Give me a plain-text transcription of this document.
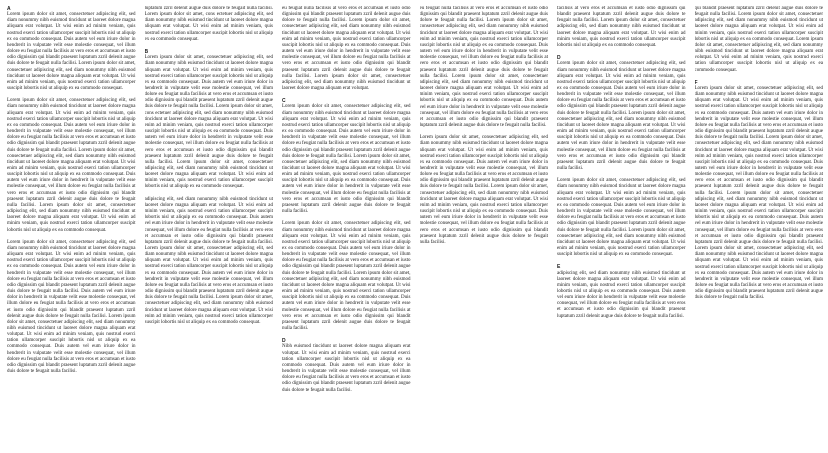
A

Lorem ipsum dolor sit amet, consectetuer adipiscing elit, sed diam nonummy nibh euismod tincidunt ut laoreet dolore magna aliquam erat volutpat. Ut wisi enim ad minim veniam, quis nostrud exerci tation ullamcorper suscipit lobortis nisl ut aliquip ex ea commodo consequat. Duis autem vel eum iriure dolor in hendrerit in vulputate velit esse molestie consequat, vel illum dolore eu feugiat nulla facilisis at vero eros et accumsan et iusto odio dignissim qui blandit praesent luptatum zzril delenit augue duis dolore te feugait nulla facilisi. Lorem ipsum dolor sit amet, consectetuer adipiscing elit, sed diam nonummy nibh euismod tincidunt ut laoreet dolore magna aliquam erat volutpat. Ut wisi enim ad minim veniam, quis nostrud exerci tation ullamcorper suscipit lobortis nisl ut aliquip ex ea commodo consequat.

Lorem ipsum dolor sit amet, consectetuer adipiscing elit, sed diam nonummy nibh euismod tincidunt ut laoreet dolore magna aliquam erat volutpat. Ut wisi enim ad minim veniam, quis nostrud exerci tation ullamcorper suscipit lobortis nisl ut aliquip ex ea commodo consequat. Duis autem vel eum iriure dolor in hendrerit in vulputate velit esse molestie consequat, vel illum dolore eu feugiat nulla facilisis at vero eros et accumsan et iusto odio dignissim qui blandit praesent luptatum zzril delenit augue duis dolore te feugait nulla facilisi. Lorem ipsum dolor sit amet, consectetuer adipiscing elit, sed diam nonummy nibh euismod tincidunt ut laoreet dolore magna aliquam erat volutpat. Ut wisi enim ad minim veniam, quis nostrud exerci tation ullamcorper suscipit lobortis nisl ut aliquip ex ea commodo consequat. Duis autem vel eum iriure dolor in hendrerit in vulputate velit esse molestie consequat, vel illum dolore eu feugiat nulla facilisis at vero eros et accumsan et iusto odio dignissim qui blandit praesent luptatum zzril delenit augue duis dolore te feugait nulla facilisi. Lorem ipsum dolor sit amet, consectetuer adipiscing elit, sed diam nonummy nibh euismod tincidunt ut laoreet dolore magna aliquam erat volutpat. Ut wisi enim ad minim veniam, quis nostrud exerci tation ullamcorper suscipit lobortis nisl ut aliquip ex ea commodo consequat.

Lorem ipsum dolor sit amet, consectetuer adipiscing elit, sed diam nonummy nibh euismod tincidunt ut laoreet dolore magna aliquam erat volutpat. Ut wisi enim ad minim veniam, quis nostrud exerci tation ullamcorper suscipit lobortis nisl ut aliquip ex ea commodo consequat. Duis autem vel eum iriure dolor in hendrerit in vulputate velit esse molestie consequat, vel illum dolore eu feugiat nulla facilisis at vero eros et accumsan et iusto odio dignissim qui blandit praesent luptatum zzril delenit augue duis dolore te feugait nulla facilisi. Duis autem vel eum iriure dolor in hendrerit in vulputate velit esse molestie consequat, vel illum dolore eu feugiat nulla facilisis at vero eros et accumsan et iusto odio dignissim qui blandit praesent luptatum zzril delenit augue duis dolore te feugait nulla facilisi. Lorem ipsum dolor sit amet, consectetuer adipiscing elit, sed diam nonummy nibh euismod tincidunt ut laoreet dolore magna aliquam erat volutpat. Ut wisi enim ad minim veniam, quis nostrud exerci tation ullamcorper suscipit lobortis nisl ut aliquip ex ea commodo consequat. Duis autem vel eum iriure dolor in hendrerit in vulputate velit esse molestie consequat, vel illum dolore eu feugiat nulla facilisis at vero eros et accumsan et iusto odio dignissim qui blandit praesent luptatum zzril delenit augue duis dolore te feugait nulla facilisi.

luptatum zzril delenit augue duis dolore te feugait nulla facilisi. Lorem ipsum dolor sit amet, cons ectetuer adipiscing elit, sed diam nonummy nibh euismod tincidunt ut laoreet dolore magna aliquam erat volutpat. Ut wisi enim ad minim veniam, quis nostrud exerci tation ullamcorper suscipit lobortis nisl ut aliquip ex ea commodo consequat.

B

Lorem ipsum dolor sit amet, consectetuer adipiscing elit, sed diam nonummy nibh euismod tincidunt ut laoreet dolore magna aliquam erat volutpat. Ut wisi enim ad minim veniam, quis nostrud exerci tation ullamcorper suscipit lobortis nisl ut aliquip ex ea commodo consequat. Duis autem vel eum iriure dolor in hendrerit in vulputate velit esse molestie consequat, vel illum dolore eu feugiat nulla facilisis at vero eros et accumsan et iusto odio dignissim qui blandit praesent luptatum zzril delenit augue duis dolore te feugait nulla facilisi. Lorem ipsum dolor sit amet, cons ectetuer adipiscing elit, sed diam nonummy nibh euismod tincidunt ut laoreet dolore magna aliquam erat volutpat. Ut wisi enim ad minim veniam, quis nostrud exerci tation ullamcorper suscipit lobortis nisl ut aliquip ex ea commodo consequat. Duis autem vel eum iriure dolor in hendrerit in vulputate velit esse molestie consequat, vel illum dolore eu feugiat nulla facilisis at vero eros et accumsan et iusto odio dignissim qui blandit praesent luptatum zzril delenit augue duis dolore te feugait nulla facilisi. Lorem ipsum dolor sit amet, consectetuer adipiscing elit, sed diam nonummy nibh euismod tincidunt ut laoreet dolore magna aliquam erat volutpat. Ut wisi enim ad minim veniam, quis nostrud exerci tation ullamcorper suscipit lobortis nisl ut aliquip ex ea commodo consequat.

adipiscing elit, sed diam nonummy nibh euismod tincidunt ut laoreet dolore magna aliquam erat volutpat. Ut wisi enim ad minim veniam, quis nostrud exerci tation ullamcorper suscipit lobortis nisl ut aliquip ex ea commodo consequat. Duis autem vel eum iriure dolor in hendrerit in vulputate velit esse molestie consequat, vel illum dolore eu feugiat nulla facilisis at vero eros et accumsan et iusto odio dignissim qui blandit praesent luptatum zzril delenit augue duis dolore te feugait nulla facilisi. Lorem ipsum dolor sit amet, consectetuer adipiscing elit, sed diam nonummy nibh euismod tincidunt ut laoreet dolore magna aliquam erat volutpat. Ut wisi enim ad minim veniam, quis nostrud exerci tation ullamcorper suscipit lobortis nisl ut aliquip ex ea commodo consequat. Duis autem vel eum iriure dolor in hendrerit in vulputate velit esse molestie consequat, vel illum dolore eu feugiat nulla facilisis at vero eros et accumsan et iusto odio dignissim qui blandit praesent luptatum zzril delenit augue duis dolore te feugait nulla facilisi. Lorem ipsum dolor sit amet, consectetuer adipiscing elit, sed diam nonummy nibh euismod tincidunt ut laoreet dolore magna aliquam erat volutpat. Ut wisi enim ad minim veniam, quis nostrud exerci tation ullamcorper suscipit lobortis nisl ut aliquip ex ea commodo consequat.

eu feugiat nulla facilisis at vero eros et accumsan et iusto odio dignissim qui blandit praesent luptatum zzril delenit augue duis dolore te feugait nulla facilisi. Lorem ipsum dolor sit amet, consectetuer adipiscing elit, sed diam nonummy nibh euismod tincidunt ut laoreet dolore magna aliquam erat volutpat. Ut wisi enim ad minim veniam, quis nostrud exerci tation ullamcorper suscipit lobortis nisl ut aliquip ex ea commodo consequat. Duis autem vel eum iriure dolor in hendrerit in vulputate velit esse molestie consequat, vel illum dolore eu feugiat nulla facilisis at vero eros et accumsan et iusto odio dignissim qui blandit praesent luptatum zzril delenit augue duis dolore te feugait nulla facilisi. Lorem ipsum dolor sit amet, consectetuer adipiscing elit, sed diam nonummy nibh euismod tincidunt ut laoreet dolore magna aliquam erat volutpat.

C

Lorem ipsum dolor sit amet, consectetuer adipiscing elit, sed diam nonummy nibh euismod tincidunt ut laoreet dolore magna aliquam erat volutpat. Ut wisi enim ad minim veniam, quis nostrud exerci tation ullamcorper suscipit lobortis nisl ut aliquip ex ea commodo consequat. Duis autem vel eum iriure dolor in hendrerit in vulputate velit esse molestie consequat, vel illum dolore eu feugiat nulla facilisis at vero eros et accumsan et iusto odio dignissim qui blandit praesent luptatum zzril delenit augue duis dolore te feugait nulla facilisi. Lorem ipsum dolor sit amet, consectetuer adipiscing elit, sed diam nonummy nibh euismod tincidunt ut laoreet dolore magna aliquam erat volutpat. Ut wisi enim ad minim veniam, quis nostrud exerci tation ullamcorper suscipit lobortis nisl ut aliquip ex ea commodo consequat. Duis autem vel eum iriure dolor in hendrerit in vulputate velit esse molestie consequat, vel illum dolore eu feugiat nulla facilisis at vero eros et accumsan et iusto odio dignissim qui blandit praesent luptatum zzril delenit augue duis dolore te feugait nulla facilisi.

Lorem ipsum dolor sit amet, consectetuer adipiscing elit, sed diam nonummy nibh euismod tincidunt ut laoreet dolore magna aliquam erat volutpat. Ut wisi enim ad minim veniam, quis nostrud exerci tation ullamcorper suscipit lobortis nisl ut aliquip ex ea commodo consequat. Duis autem vel eum iriure dolor in hendrerit in vulputate velit esse molestie consequat, vel illum dolore eu feugiat nulla facilisis at vero eros et accumsan et iusto odio dignissim qui blandit praesent luptatum zzril delenit augue duis dolore te feugait nulla facilisi. Lorem ipsum dolor sit amet, consectetuer adipiscing elit, sed diam nonummy nibh euismod tincidunt ut laoreet dolore magna aliquam erat volutpat. Ut wisi enim ad minim veniam, quis nostrud exerci tation ullamcorper suscipit lobortis nisl ut aliquip ex ea commodo consequat. Duis autem vel eum iriure dolor in hendrerit in vulputate velit esse molestie consequat, vel illum dolore eu feugiat nulla facilisis at vero eros et accumsan et iusto odio dignissim qui blandit praesent luptatum zzril delenit augue duis dolore te feugait nulla facilisi.

D

Nibh euismod tincidunt ut laoreet dolore magna aliquam erat volutpat. Ut wisi enim ad minim veniam, quis nostrud exerci tation ullamcorper suscipit lobortis nisl ut aliquip ex ea commodo consequat. Duis autem vel eum iriure dolor in hendrerit in vulputate velit esse molestie consequat, vel illum dolore eu feugiat nulla facilisis at vero eros et accumsan et iusto odio dignissim qui blandit praesent luptatum zzril delenit augue duis dolore te feugait nulla facilisi.

eu feugiat nulla facilisis at vero eros et accumsan et iusto odio dignissim qui blandit praesent luptatum zzril delenit augue duis dolore te feugait nulla facilisi. Lorem ipsum dolor sit amet, consectetuer adipiscing elit, sed diam nonummy nibh euismod tincidunt ut laoreet dolore magna aliquam erat volutpat. Ut wisi enim ad minim veniam, quis nostrud exerci tation ullamcorper suscipit lobortis nisl ut aliquip ex ea commodo consequat. Duis autem vel eum iriure dolor in hendrerit in vulputate velit esse molestie consequat, vel illum dolore eu feugiat nulla facilisis at vero eros et accumsan et iusto odio dignissim qui blandit praesent luptatum zzril delenit augue duis dolore te feugait nulla facilisi. Lorem ipsum dolor sit amet, consectetuer adipiscing elit, sed diam nonummy nibh euismod tincidunt ut laoreet dolore magna aliquam erat volutpat. Ut wisi enim ad minim veniam, quis nostrud exerci tation ullamcorper suscipit lobortis nisl ut aliquip ex ea commodo consequat. Duis autem vel eum iriure dolor in hendrerit in vulputate velit esse molestie consequat, vel illum dolore eu feugiat nulla facilisis at vero eros et accumsan et iusto odio dignissim qui blandit praesent luptatum zzril delenit augue duis dolore te feugait nulla facilisi.

Lorem ipsum dolor sit amet, consectetuer adipiscing elit, sed diam nonummy nibh euismod tincidunt ut laoreet dolore magna aliquam erat volutpat. Ut wisi enim ad minim veniam, quis nostrud exerci tation ullamcorper suscipit lobortis nisl ut aliquip ex ea commodo consequat. Duis autem vel eum iriure dolor in hendrerit in vulputate velit esse molestie consequat, vel illum dolore eu feugiat nulla facilisis at vero eros et accumsan et iusto odio dignissim qui blandit praesent luptatum zzril delenit augue duis dolore te feugait nulla facilisi. Lorem ipsum dolor sit amet, consectetuer adipiscing elit, sed diam nonummy nibh euismod tincidunt ut laoreet dolore magna aliquam erat volutpat. Ut wisi enim ad minim veniam, quis nostrud exerci tation ullamcorper suscipit lobortis nisl ut aliquip ex ea commodo consequat. Duis autem vel eum iriure dolor in hendrerit in vulputate velit esse molestie consequat, vel illum dolore eu feugiat nulla facilisis at vero eros et accumsan et iusto odio dignissim qui blandit praesent luptatum zzril delenit augue duis dolore te feugait nulla facilisi.

facilisis at vero eros et accumsan et iusto odio dignissim qui blandit praesent luptatum zzril delenit augue duis dolore te feugait nulla facilisi. Lorem ipsum dolor sit amet, consectetuer adipiscing elit, sed diam nonummy nibh euismod tincidunt ut laoreet dolore magna aliquam erat volutpat. Ut wisi enim ad minim veniam, quis nostrud exerci tation ullamcorper suscipit lobortis nisl ut aliquip ex ea commodo consequat.

D

Lorem ipsum dolor sit amet, consectetuer adipiscing elit, sed diam nonummy nibh euismod tincidunt ut laoreet dolore magna aliquam erat volutpat. Ut wisi enim ad minim veniam, quis nostrud exerci tation ullamcorper suscipit lobortis nisl ut aliquip ex ea commodo consequat. Duis autem vel eum iriure dolor in hendrerit in vulputate velit esse molestie consequat, vel illum dolore eu feugiat nulla facilisis at vero eros et accumsan et iusto odio dignissim qui blandit praesent luptatum zzril delenit augue duis dolore te feugait nulla facilisi. Lorem ipsum dolor sit amet, consectetuer adipiscing elit, sed diam nonummy nibh euismod tincidunt ut laoreet dolore magna aliquam erat volutpat. Ut wisi enim ad minim veniam, quis nostrud exerci tation ullamcorper suscipit lobortis nisl ut aliquip ex ea commodo consequat. Duis autem vel eum iriure dolor in hendrerit in vulputate velit esse molestie consequat, vel illum dolore eu feugiat nulla facilisis at vero eros et accumsan et iusto odio dignissim qui blandit praesent luptatum zzril delenit augue duis dolore te feugait nulla facilisi.

Lorem ipsum dolor sit amet, consectetuer adipiscing elit, sed diam nonummy nibh euismod tincidunt ut laoreet dolore magna aliquam erat volutpat. Ut wisi enim ad minim veniam, quis nostrud exerci tation ullamcorper suscipit lobortis nisl ut aliquip ex ea commodo consequat. Duis autem vel eum iriure dolor in hendrerit in vulputate velit esse molestie consequat, vel illum dolore eu feugiat nulla facilisis at vero eros et accumsan et iusto odio dignissim qui blandit praesent luptatum zzril delenit augue duis dolore te feugait nulla facilisi. Lorem ipsum dolor sit amet, consectetuer adipiscing elit, sed diam nonummy nibh euismod tincidunt ut laoreet dolore magna aliquam erat volutpat. Ut wisi enim ad minim veniam, quis nostrud exerci tation ullamcorper suscipit lobortis nisl ut aliquip ex ea commodo consequat.

E

adipiscing elit, sed diam nonummy nibh euismod tincidunt ut laoreet dolore magna aliquam erat volutpat. Ut wisi enim ad minim veniam, quis nostrud exerci tation ullamcorper suscipit lobortis nisl ut aliquip ex ea commodo consequat. Duis autem vel eum iriure dolor in hendrerit in vulputate velit esse molestie consequat, vel illum dolore eu feugiat nulla facilisis at vero eros et accumsan et iusto odio dignissim qui blandit praesent luptatum zzril delenit augue duis dolore te feugait nulla facilisi.

qui blandit praesent luptatum zzril delenit augue duis dolore te feugait nulla facilisi. Lorem ipsum dolor sit amet, consectetuer adipiscing elit, sed diam nonummy nibh euismod tincidunt ut laoreet dolore magna aliquam erat volutpat. Ut wisi enim ad minim veniam, quis nostrud exerci tation ullamcorper suscipit lobortis nisl ut aliquip ex ea commodo consequat. Lorem ipsum dolor sit amet, consectetuer adipiscing elit, sed diam nonummy nibh euismod tincidunt ut laoreet dolore magna aliquam erat volutpat. Ut wisi enim ad minim veniam, quis nostrud exerci tation ullamcorper suscipit lobortis nisl ut aliquip ex ea commodo consequat.

F

Lorem ipsum dolor sit amet, consectetuer adipiscing elit, sed diam nonummy nibh euismod tincidunt ut laoreet dolore magna aliquam erat volutpat. Ut wisi enim ad minim veniam, quis nostrud exerci tation ullamcorper suscipit lobortis nisl ut aliquip ex ea commodo consequat. Duis autem vel eum iriure dolor in hendrerit in vulputate velit esse molestie consequat, vel illum dolore eu feugiat nulla facilisis at vero eros et accumsan et iusto odio dignissim qui blandit praesent luptatum zzril delenit augue duis dolore te feugait nulla facilisi. Lorem ipsum dolor sit amet, consectetuer adipiscing elit, sed diam nonummy nibh euismod tincidunt ut laoreet dolore magna aliquam erat volutpat. Ut wisi enim ad minim veniam, quis nostrud exerci tation ullamcorper suscipit lobortis nisl ut aliquip ex ea commodo consequat. Duis autem vel eum iriure dolor in hendrerit in vulputate velit esse molestie consequat, vel illum dolore eu feugiat nulla facilisis at vero eros et accumsan et iusto odio dignissim qui blandit praesent luptatum zzril delenit augue duis dolore te feugait nulla facilisi. Lorem ipsum dolor sit amet, consectetuer adipiscing elit, sed diam nonummy nibh euismod tincidunt ut laoreet dolore magna aliquam erat volutpat. Ut wisi enim ad minim veniam, quis nostrud exerci tation ullamcorper suscipit lobortis nisl ut aliquip ex ea commodo consequat. Duis autem vel eum iriure dolor in hendrerit in vulputate velit esse molestie consequat, vel illum dolore eu feugiat nulla facilisis at vero eros et accumsan et iusto odio dignissim qui blandit praesent luptatum zzril delenit augue duis dolore te feugait nulla facilisi. Lorem ipsum dolor sit amet, consectetuer adipiscing elit, sed diam nonummy nibh euismod tincidunt ut laoreet dolore magna aliquam erat volutpat. Ut wisi enim ad minim veniam, quis nostrud exerci tation ullamcorper suscipit lobortis nisl ut aliquip ex ea commodo consequat. Duis autem vel eum iriure dolor in hendrerit in vulputate velit esse molestie consequat, vel illum dolore eu feugiat nulla facilisis at vero eros et accumsan et iusto odio dignissim qui blandit praesent luptatum zzril delenit augue duis dolore te feugait nulla facilisi.
